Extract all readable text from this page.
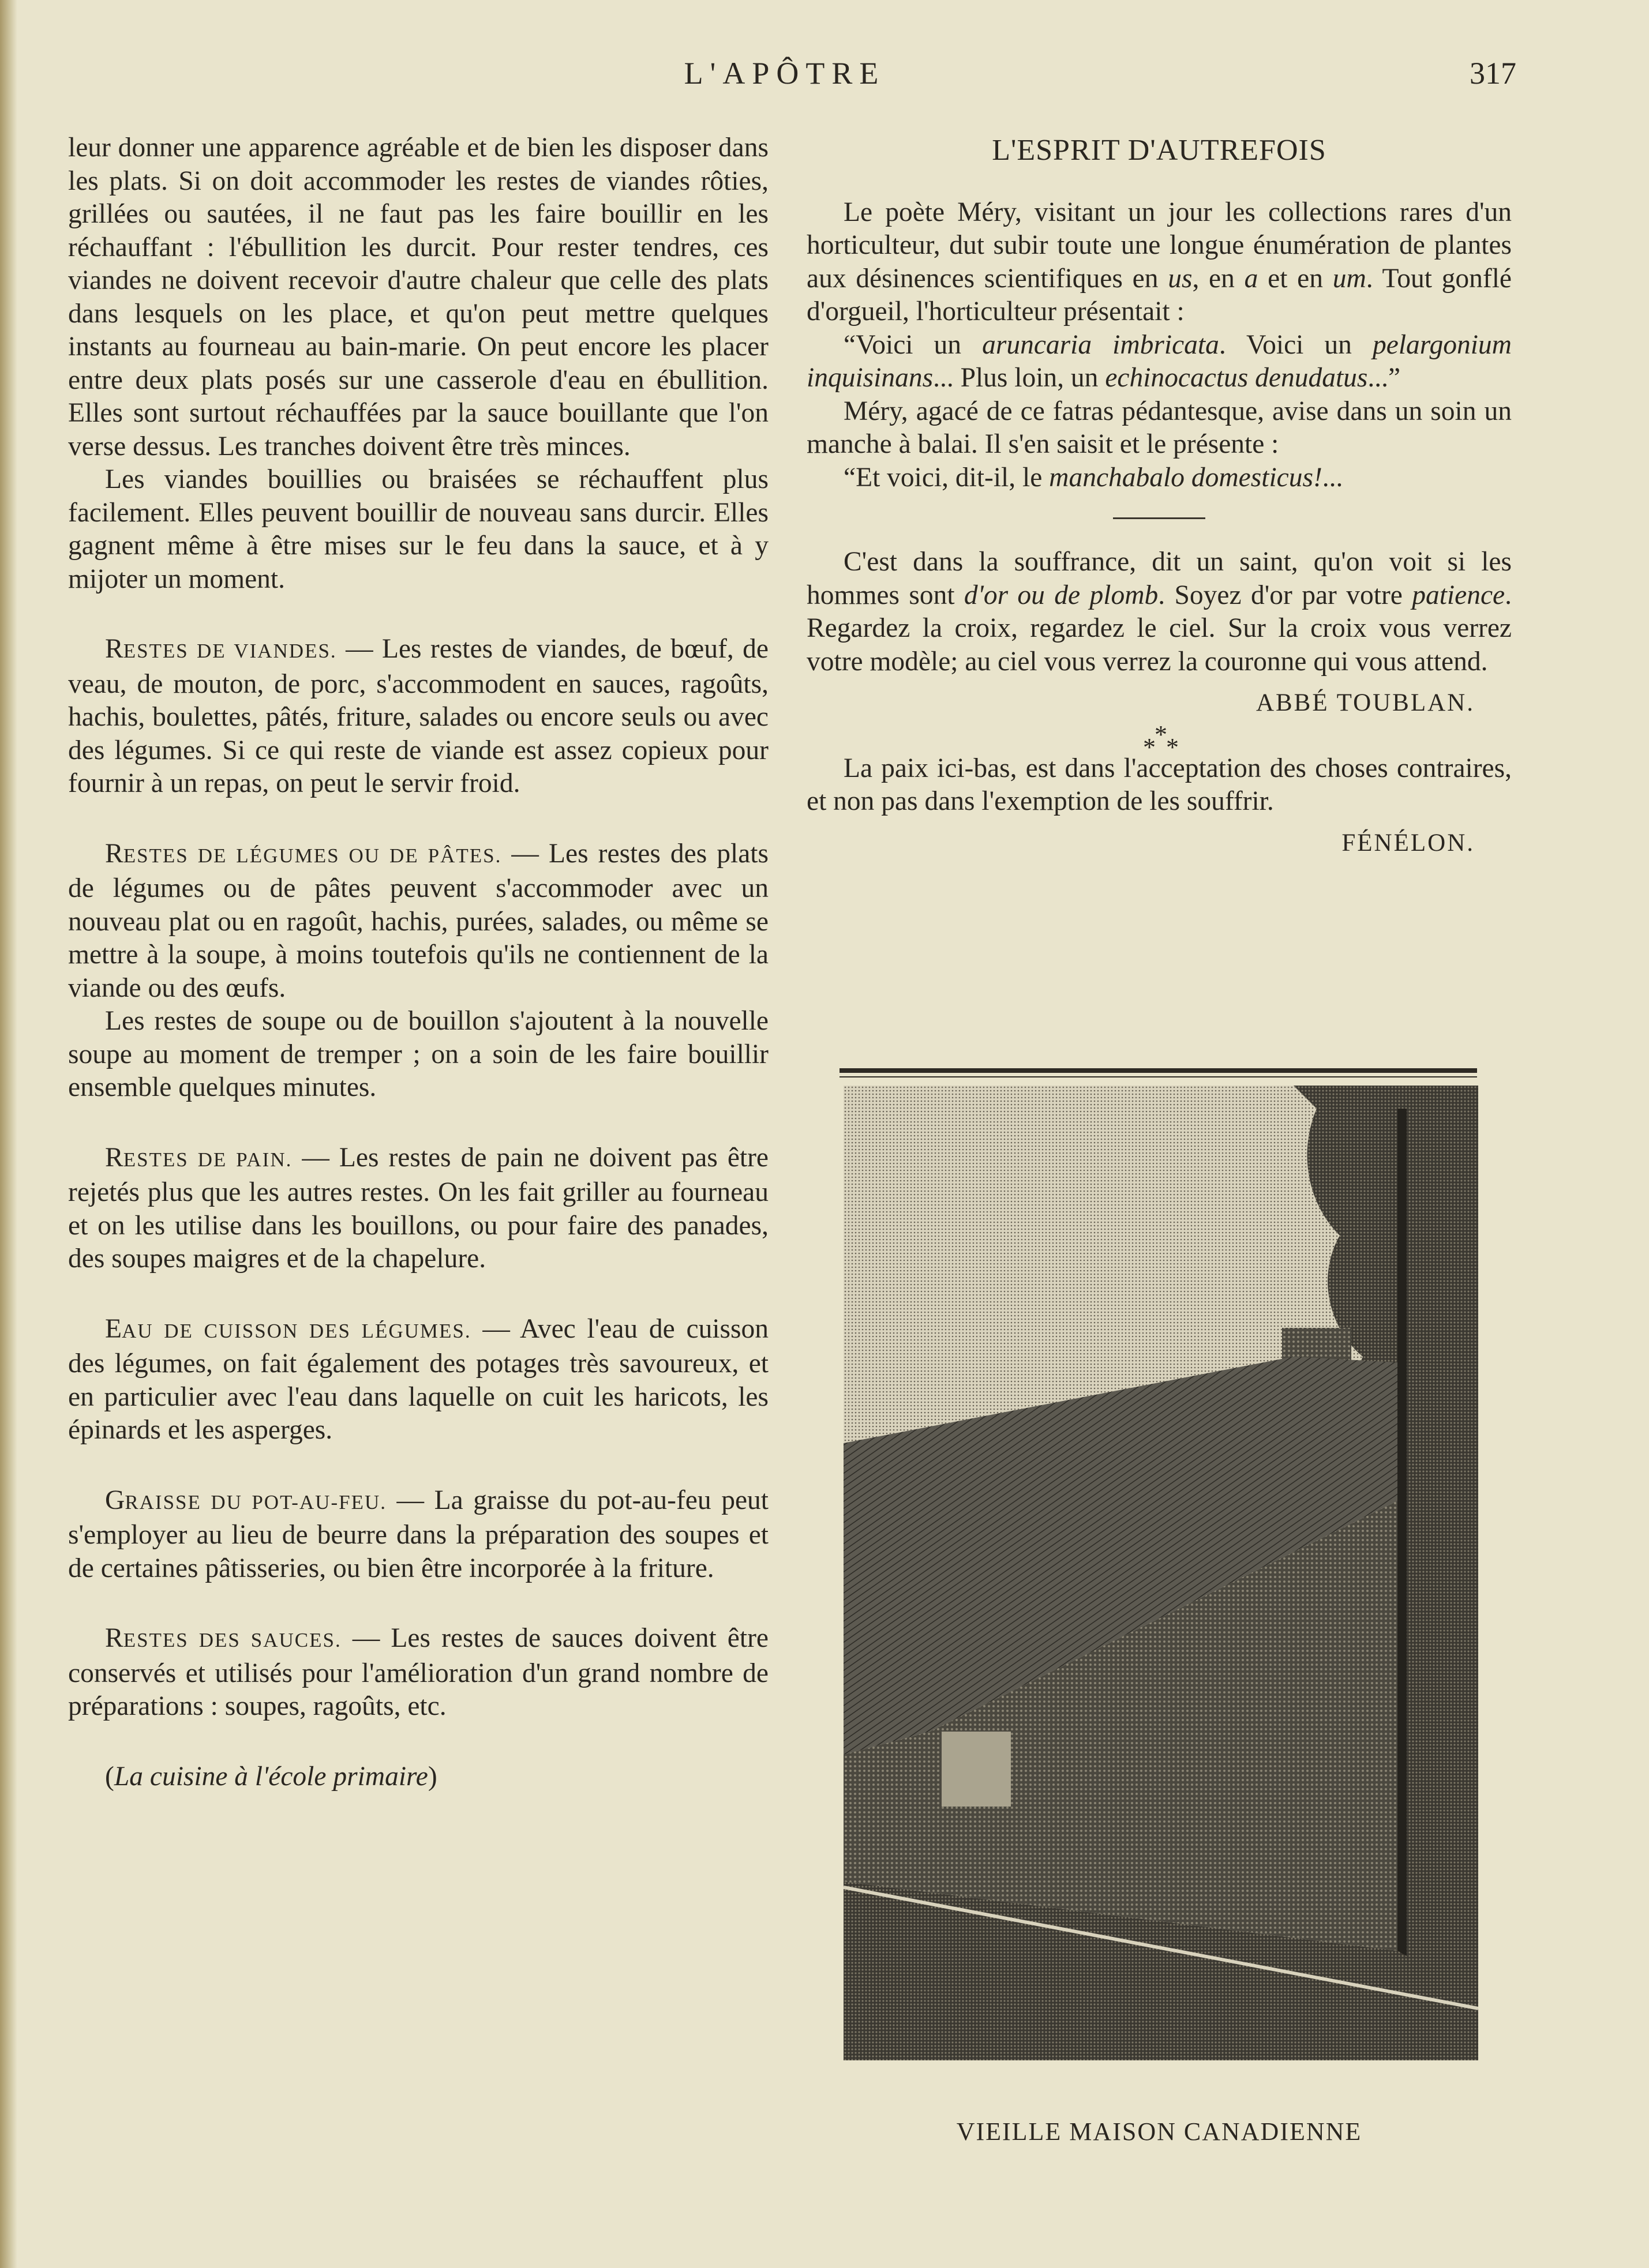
L'APÔTRE	317

leur donner une apparence agréable et de bien les disposer dans les plats. Si on doit accommoder les restes de viandes rôties, grillées ou sautées, il ne faut pas les faire bouillir en les réchauffant : l'ébullition les durcit. Pour rester tendres, ces viandes ne doivent recevoir d'autre chaleur que celle des plats dans lesquels on les place, et qu'on peut mettre quelques instants au fourneau au bain-marie. On peut encore les placer entre deux plats posés sur une casserole d'eau en ébullition. Elles sont surtout réchauffées par la sauce bouillante que l'on verse dessus. Les tranches doivent être très minces.

Les viandes bouillies ou braisées se réchauffent plus facilement. Elles peuvent bouillir de nouveau sans durcir. Elles gagnent même à être mises sur le feu dans la sauce, et à y mijoter un moment.

RESTES DE VIANDES. — Les restes de viandes, de bœuf, de veau, de mouton, de porc, s'accommodent en sauces, ragoûts, hachis, boulettes, pâtés, friture, salades ou encore seuls ou avec des légumes. Si ce qui reste de viande est assez copieux pour fournir à un repas, on peut le servir froid.

RESTES DE LÉGUMES OU DE PÂTES. — Les restes des plats de légumes ou de pâtes peuvent s'accommoder avec un nouveau plat ou en ragoût, hachis, purées, salades, ou même se mettre à la soupe, à moins toutefois qu'ils ne contiennent de la viande ou des œufs.

Les restes de soupe ou de bouillon s'ajoutent à la nouvelle soupe au moment de tremper ; on a soin de les faire bouillir ensemble quelques minutes.

RESTES DE PAIN. — Les restes de pain ne doivent pas être rejetés plus que les autres restes. On les fait griller au fourneau et on les utilise dans les bouillons, ou pour faire des panades, des soupes maigres et de la chapelure.

EAU DE CUISSON DES LÉGUMES. — Avec l'eau de cuisson des légumes, on fait également des potages très savoureux, et en particulier avec l'eau dans laquelle on cuit les haricots, les épinards et les asperges.

GRAISSE DU POT-AU-FEU. — La graisse du pot-au-feu peut s'employer au lieu de beurre dans la préparation des soupes et de certaines pâtisseries, ou bien être incorporée à la friture.

RESTES DES SAUCES. — Les restes de sauces doivent être conservés et utilisés pour l'amélioration d'un grand nombre de préparations : soupes, ragoûts, etc.

(La cuisine à l'école primaire)
L'ESPRIT D'AUTREFOIS

Le poète Méry, visitant un jour les collections rares d'un horticulteur, dut subir toute une longue énumération de plantes aux désinences scientifiques en us, en a et en um. Tout gonflé d'orgueil, l'horticulteur présentait :

“Voici un aruncaria imbricata. Voici un pelargonium inquisinans... Plus loin, un echinocactus denudatus...”

Méry, agacé de ce fatras pédantesque, avise dans un soin un manche à balai. Il s'en saisit et le présente :

“Et voici, dit-il, le manchabalo domesticus!...

C'est dans la souffrance, dit un saint, qu'on voit si les hommes sont d'or ou de plomb. Soyez d'or par votre patience. Regardez la croix, regardez le ciel. Sur la croix vous verrez votre modèle; au ciel vous verrez la couronne qui vous attend.

ABBÉ TOUBLAN.
*
*
*

La paix ici-bas, est dans l'acceptation des choses contraires, et non pas dans l'exemption de les souffrir.

FÉNÉLON.
VIEILLE MAISON CANADIENNE
